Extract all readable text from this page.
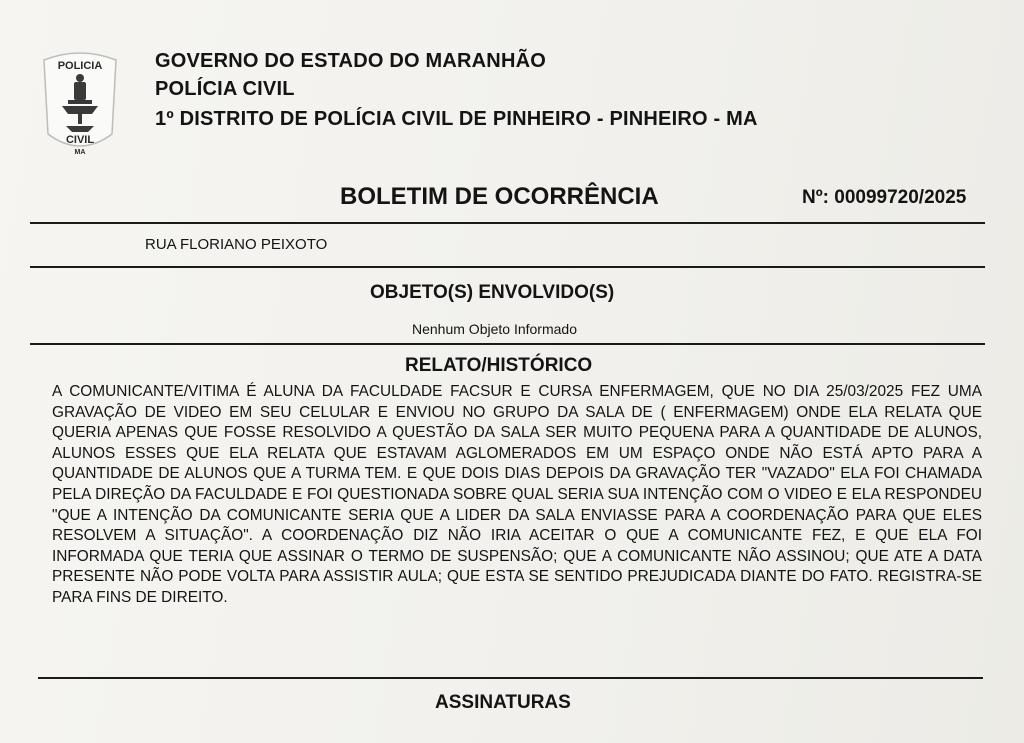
POLICIA
CIVIL
MA
GOVERNO DO ESTADO DO MARANHÃO
POLÍCIA CIVIL
1º DISTRITO DE POLÍCIA CIVIL DE PINHEIRO - PINHEIRO - MA
BOLETIM DE OCORRÊNCIA	Nº: 00099720/2025
RUA FLORIANO PEIXOTO
OBJETO(S) ENVOLVIDO(S)
Nenhum Objeto Informado
RELATO/HISTÓRICO
A COMUNICANTE/VITIMA É ALUNA DA FACULDADE FACSUR E CURSA ENFERMAGEM, QUE NO DIA 25/03/2025 FEZ UMA GRAVAÇÃO DE VIDEO EM SEU CELULAR E ENVIOU NO GRUPO DA SALA DE ( ENFERMAGEM) ONDE ELA RELATA QUE QUERIA APENAS QUE FOSSE RESOLVIDO A QUESTÃO DA SALA SER MUITO PEQUENA PARA A QUANTIDADE DE ALUNOS, ALUNOS ESSES QUE ELA RELATA QUE ESTAVAM AGLOMERADOS EM UM ESPAÇO ONDE NÃO ESTÁ APTO PARA A QUANTIDADE DE ALUNOS QUE A TURMA TEM. E QUE DOIS DIAS DEPOIS DA GRAVAÇÃO TER "VAZADO" ELA FOI CHAMADA PELA DIREÇÃO DA FACULDADE E FOI QUESTIONADA SOBRE QUAL SERIA SUA INTENÇÃO COM O VIDEO E ELA RESPONDEU "QUE A INTENÇÃO DA COMUNICANTE SERIA QUE A LIDER DA SALA ENVIASSE PARA A COORDENAÇÃO PARA QUE ELES RESOLVEM A SITUAÇÃO". A COORDENAÇÃO DIZ NÃO IRIA ACEITAR O QUE A COMUNICANTE FEZ, E QUE ELA FOI INFORMADA QUE TERIA QUE ASSINAR O TERMO DE SUSPENSÃO; QUE A COMUNICANTE NÃO ASSINOU; QUE ATE A DATA PRESENTE NÃO PODE VOLTA PARA ASSISTIR AULA; QUE ESTA SE SENTIDO PREJUDICADA DIANTE DO FATO. REGISTRA-SE PARA FINS DE DIREITO.
ASSINATURAS
